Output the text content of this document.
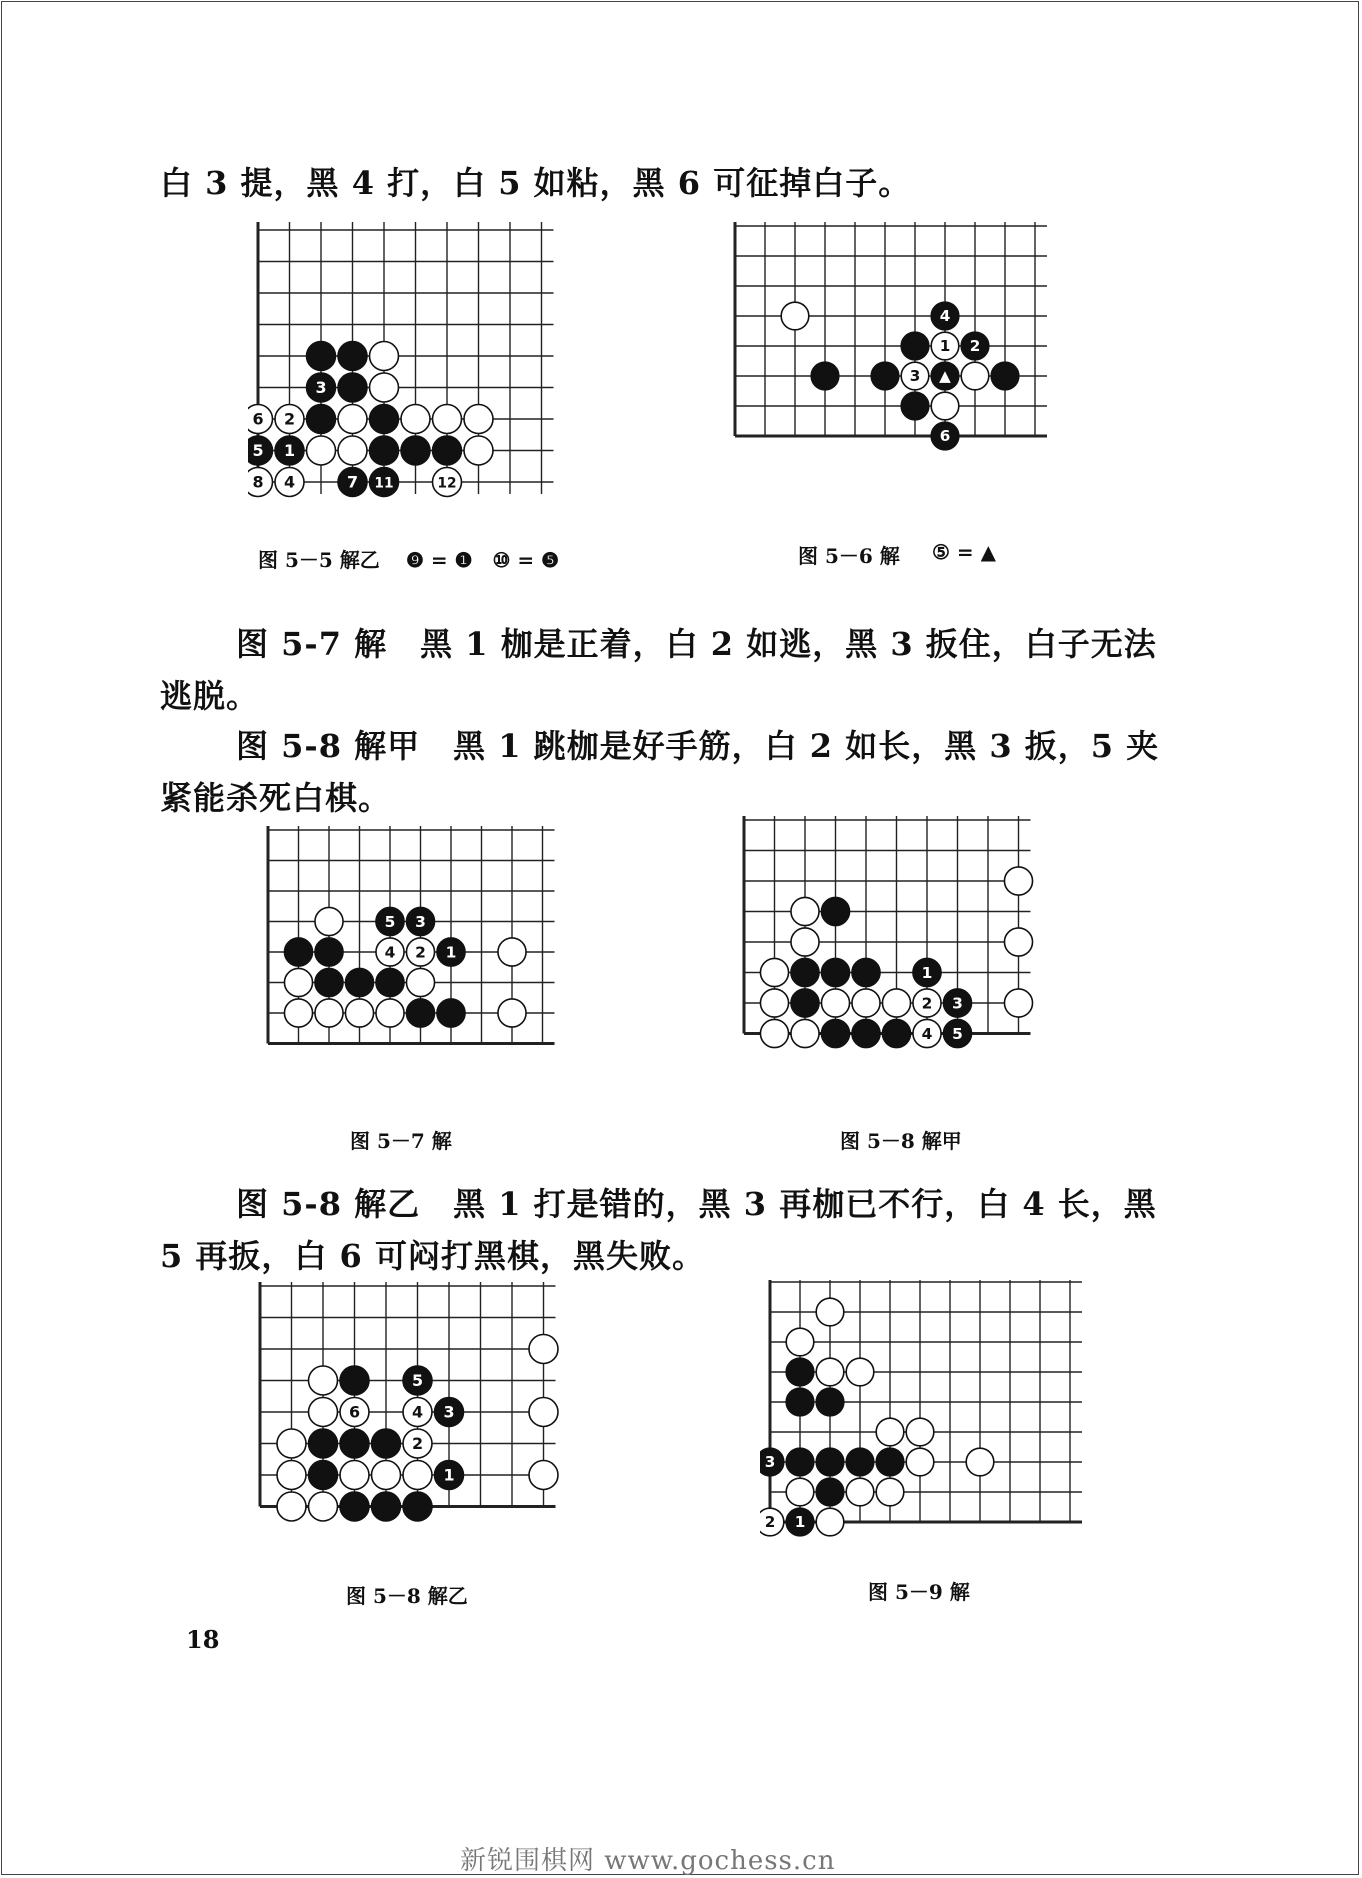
白 3 提，黑 4 打，白 5 如粘，黑 6 可征掉白子。
3
6 2
5 1
8 4	7 11	12
图 5－5 解乙 ❾ = ❶　⑩ = ❺
4
1 2
3 ▲
6
图 5－6 解 ⑤ = ▲
图 5-7 解　黑 1 枷是正着，白 2 如逃，黑 3 扳住，白子无法
逃脱。
图 5-8 解甲　黑 1 跳枷是好手筋，白 2 如长，黑 3 扳，5 夹
紧能杀死白棋。
5 3
4 2 1
图 5－7 解
1
2 3
4 5
图 5－8 解甲
图 5-8 解乙　黑 1 打是错的，黑 3 再枷已不行，白 4 长，黑
5 再扳，白 6 可闷打黑棋，黑失败。
5
6	4 3
2
1
图 5－8 解乙
3
2 1
图 5－9 解
18
新锐围棋网 www.gochess.cn
